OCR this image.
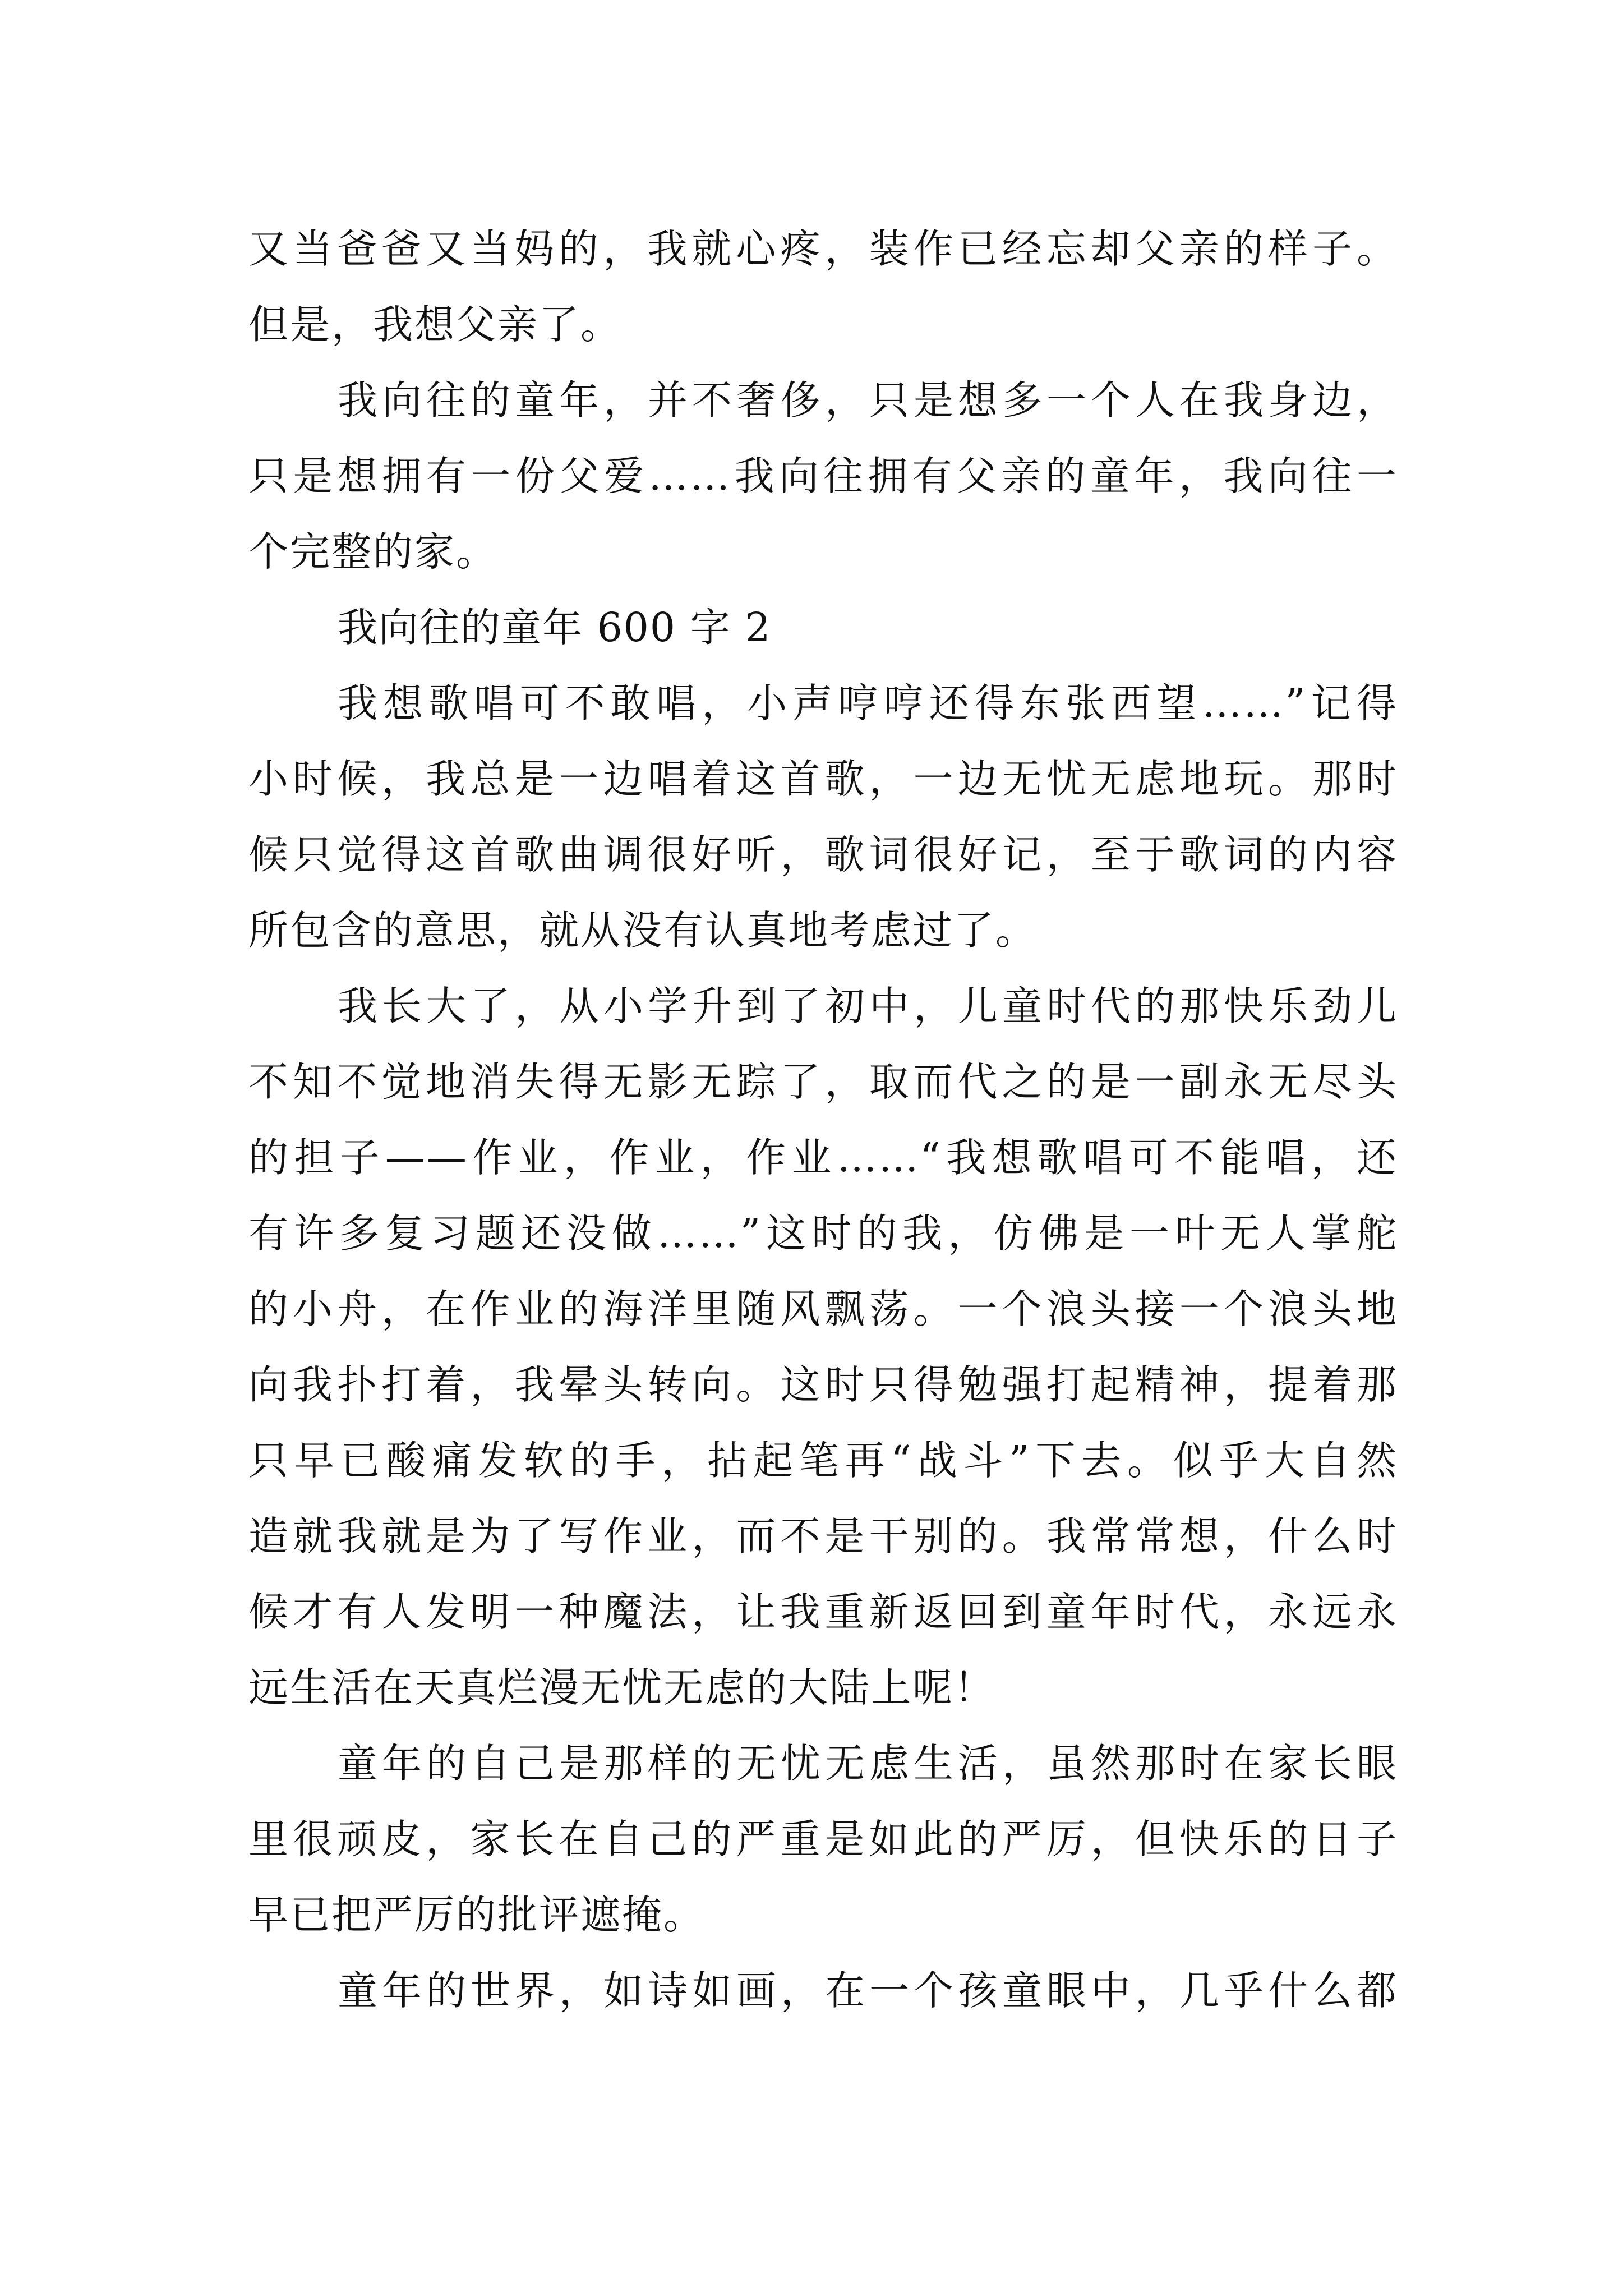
又当爸爸又当妈的，我就心疼，装作已经忘却父亲的样子。
但是，我想父亲了。
我向往的童年，并不奢侈，只是想多一个人在我身边，
只是想拥有一份父爱……我向往拥有父亲的童年，我向往一
个完整的家。
我向往的童年 600 字 2
我想歌唱可不敢唱，小声哼哼还得东张西望……”记得
小时候，我总是一边唱着这首歌，一边无忧无虑地玩。那时
候只觉得这首歌曲调很好听，歌词很好记，至于歌词的内容
所包含的意思，就从没有认真地考虑过了。
我长大了，从小学升到了初中，儿童时代的那快乐劲儿
不知不觉地消失得无影无踪了，取而代之的是一副永无尽头
的担子——作业，作业，作业……“我想歌唱可不能唱，还
有许多复习题还没做……”这时的我，仿佛是一叶无人掌舵
的小舟，在作业的海洋里随风飘荡。一个浪头接一个浪头地
向我扑打着，我晕头转向。这时只得勉强打起精神，提着那
只早已酸痛发软的手，拈起笔再“战斗”下去。似乎大自然
造就我就是为了写作业，而不是干别的。我常常想，什么时
候才有人发明一种魔法，让我重新返回到童年时代，永远永
远生活在天真烂漫无忧无虑的大陆上呢！
童年的自己是那样的无忧无虑生活，虽然那时在家长眼
里很顽皮，家长在自己的严重是如此的严厉，但快乐的日子
早已把严厉的批评遮掩。
童年的世界，如诗如画，在一个孩童眼中，几乎什么都
